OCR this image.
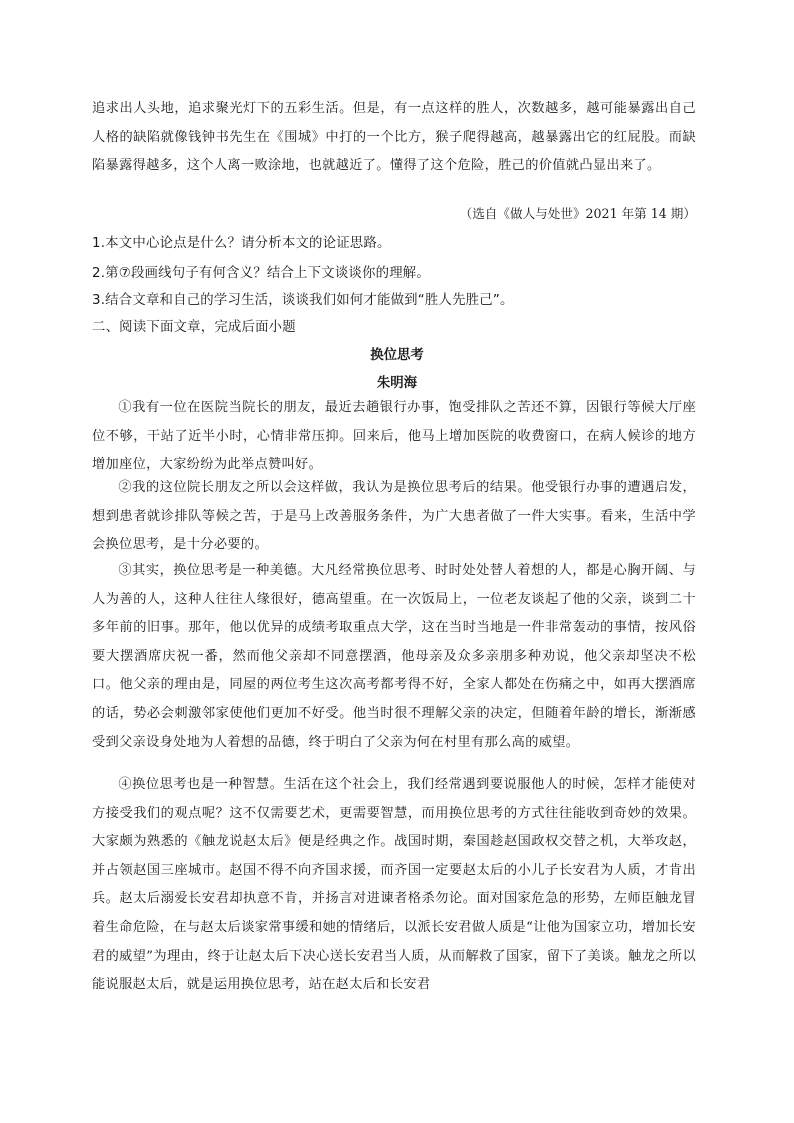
追求出人头地，追求聚光灯下的五彩生活。但是，有一点这样的胜人，次数越多，越可能暴露出自己人格的缺陷就像钱钟书先生在《围城》中打的一个比方，猴子爬得越高，越暴露出它的红屁股。而缺陷暴露得越多，这个人离一败涂地，也就越近了。懂得了这个危险，胜己的价值就凸显出来了。

（选自《做人与处世》2021 年第 14 期）

1.本文中心论点是什么？请分析本文的论证思路。

2.第⑦段画线句子有何含义？结合上下文谈谈你的理解。

3.结合文章和自己的学习生活，谈谈我们如何才能做到“胜人先胜己”。

二、阅读下面文章，完成后面小题

换位思考

朱明海

①我有一位在医院当院长的朋友，最近去趟银行办事，饱受排队之苦还不算，因银行等候大厅座位不够，干站了近半小时，心情非常压抑。回来后，他马上增加医院的收费窗口，在病人候诊的地方增加座位，大家纷纷为此举点赞叫好。

②我的这位院长朋友之所以会这样做，我认为是换位思考后的结果。他受银行办事的遭遇启发，想到患者就诊排队等候之苦，于是马上改善服务条件，为广大患者做了一件大实事。看来，生活中学会换位思考，是十分必要的。

③其实，换位思考是一种美德。大凡经常换位思考、时时处处替人着想的人，都是心胸开阔、与人为善的人，这种人往往人缘很好，德高望重。在一次饭局上，一位老友谈起了他的父亲，谈到二十多年前的旧事。那年，他以优异的成绩考取重点大学，这在当时当地是一件非常轰动的事情，按风俗要大摆酒席庆祝一番，然而他父亲却不同意摆酒，他母亲及众多亲朋多种劝说，他父亲却坚决不松口。他父亲的理由是，同屋的两位考生这次高考都考得不好，全家人都处在伤痛之中，如再大摆酒席的话，势必会刺激邻家使他们更加不好受。他当时很不理解父亲的决定，但随着年龄的增长，渐渐感受到父亲设身处地为人着想的品德，终于明白了父亲为何在村里有那么高的威望。

④换位思考也是一种智慧。生活在这个社会上，我们经常遇到要说服他人的时候，怎样才能使对方接受我们的观点呢？这不仅需要艺术，更需要智慧，而用换位思考的方式往往能收到奇妙的效果。大家颇为熟悉的《触龙说赵太后》便是经典之作。战国时期，秦国趁赵国政权交替之机，大举攻赵，并占领赵国三座城市。赵国不得不向齐国求援，而齐国一定要赵太后的小儿子长安君为人质，才肯出兵。赵太后溺爱长安君却执意不肯，并扬言对进谏者格杀勿论。面对国家危急的形势，左师臣触龙冒着生命危险，在与赵太后谈家常事缓和她的情绪后，以派长安君做人质是“让他为国家立功，增加长安君的威望”为理由，终于让赵太后下决心送长安君当人质，从而解救了国家，留下了美谈。触龙之所以能说服赵太后，就是运用换位思考，站在赵太后和长安君
